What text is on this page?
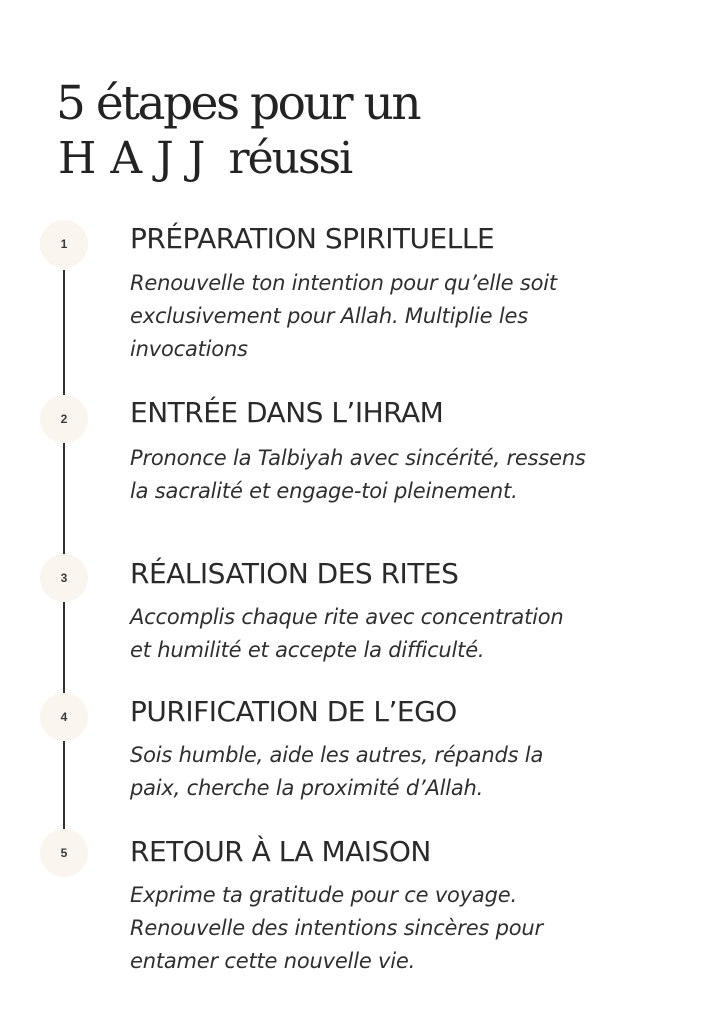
5 étapes pour un
HAJJ réussi
1	PRÉPARATION SPIRITUELLE
Renouvelle ton intention pour qu’elle soit
exclusivement pour Allah. Multiplie les
invocations
2	ENTRÉE DANS L’IHRAM
Prononce la Talbiyah avec sincérité, ressens
la sacralité et engage-toi pleinement.
3	RÉALISATION DES RITES
Accomplis chaque rite avec concentration
et humilité et accepte la difficulté.
4	PURIFICATION DE L’EGO
Sois humble, aide les autres, répands la
paix, cherche la proximité d’Allah.
5	RETOUR À LA MAISON
Exprime ta gratitude pour ce voyage.
Renouvelle des intentions sincères pour
entamer cette nouvelle vie.
